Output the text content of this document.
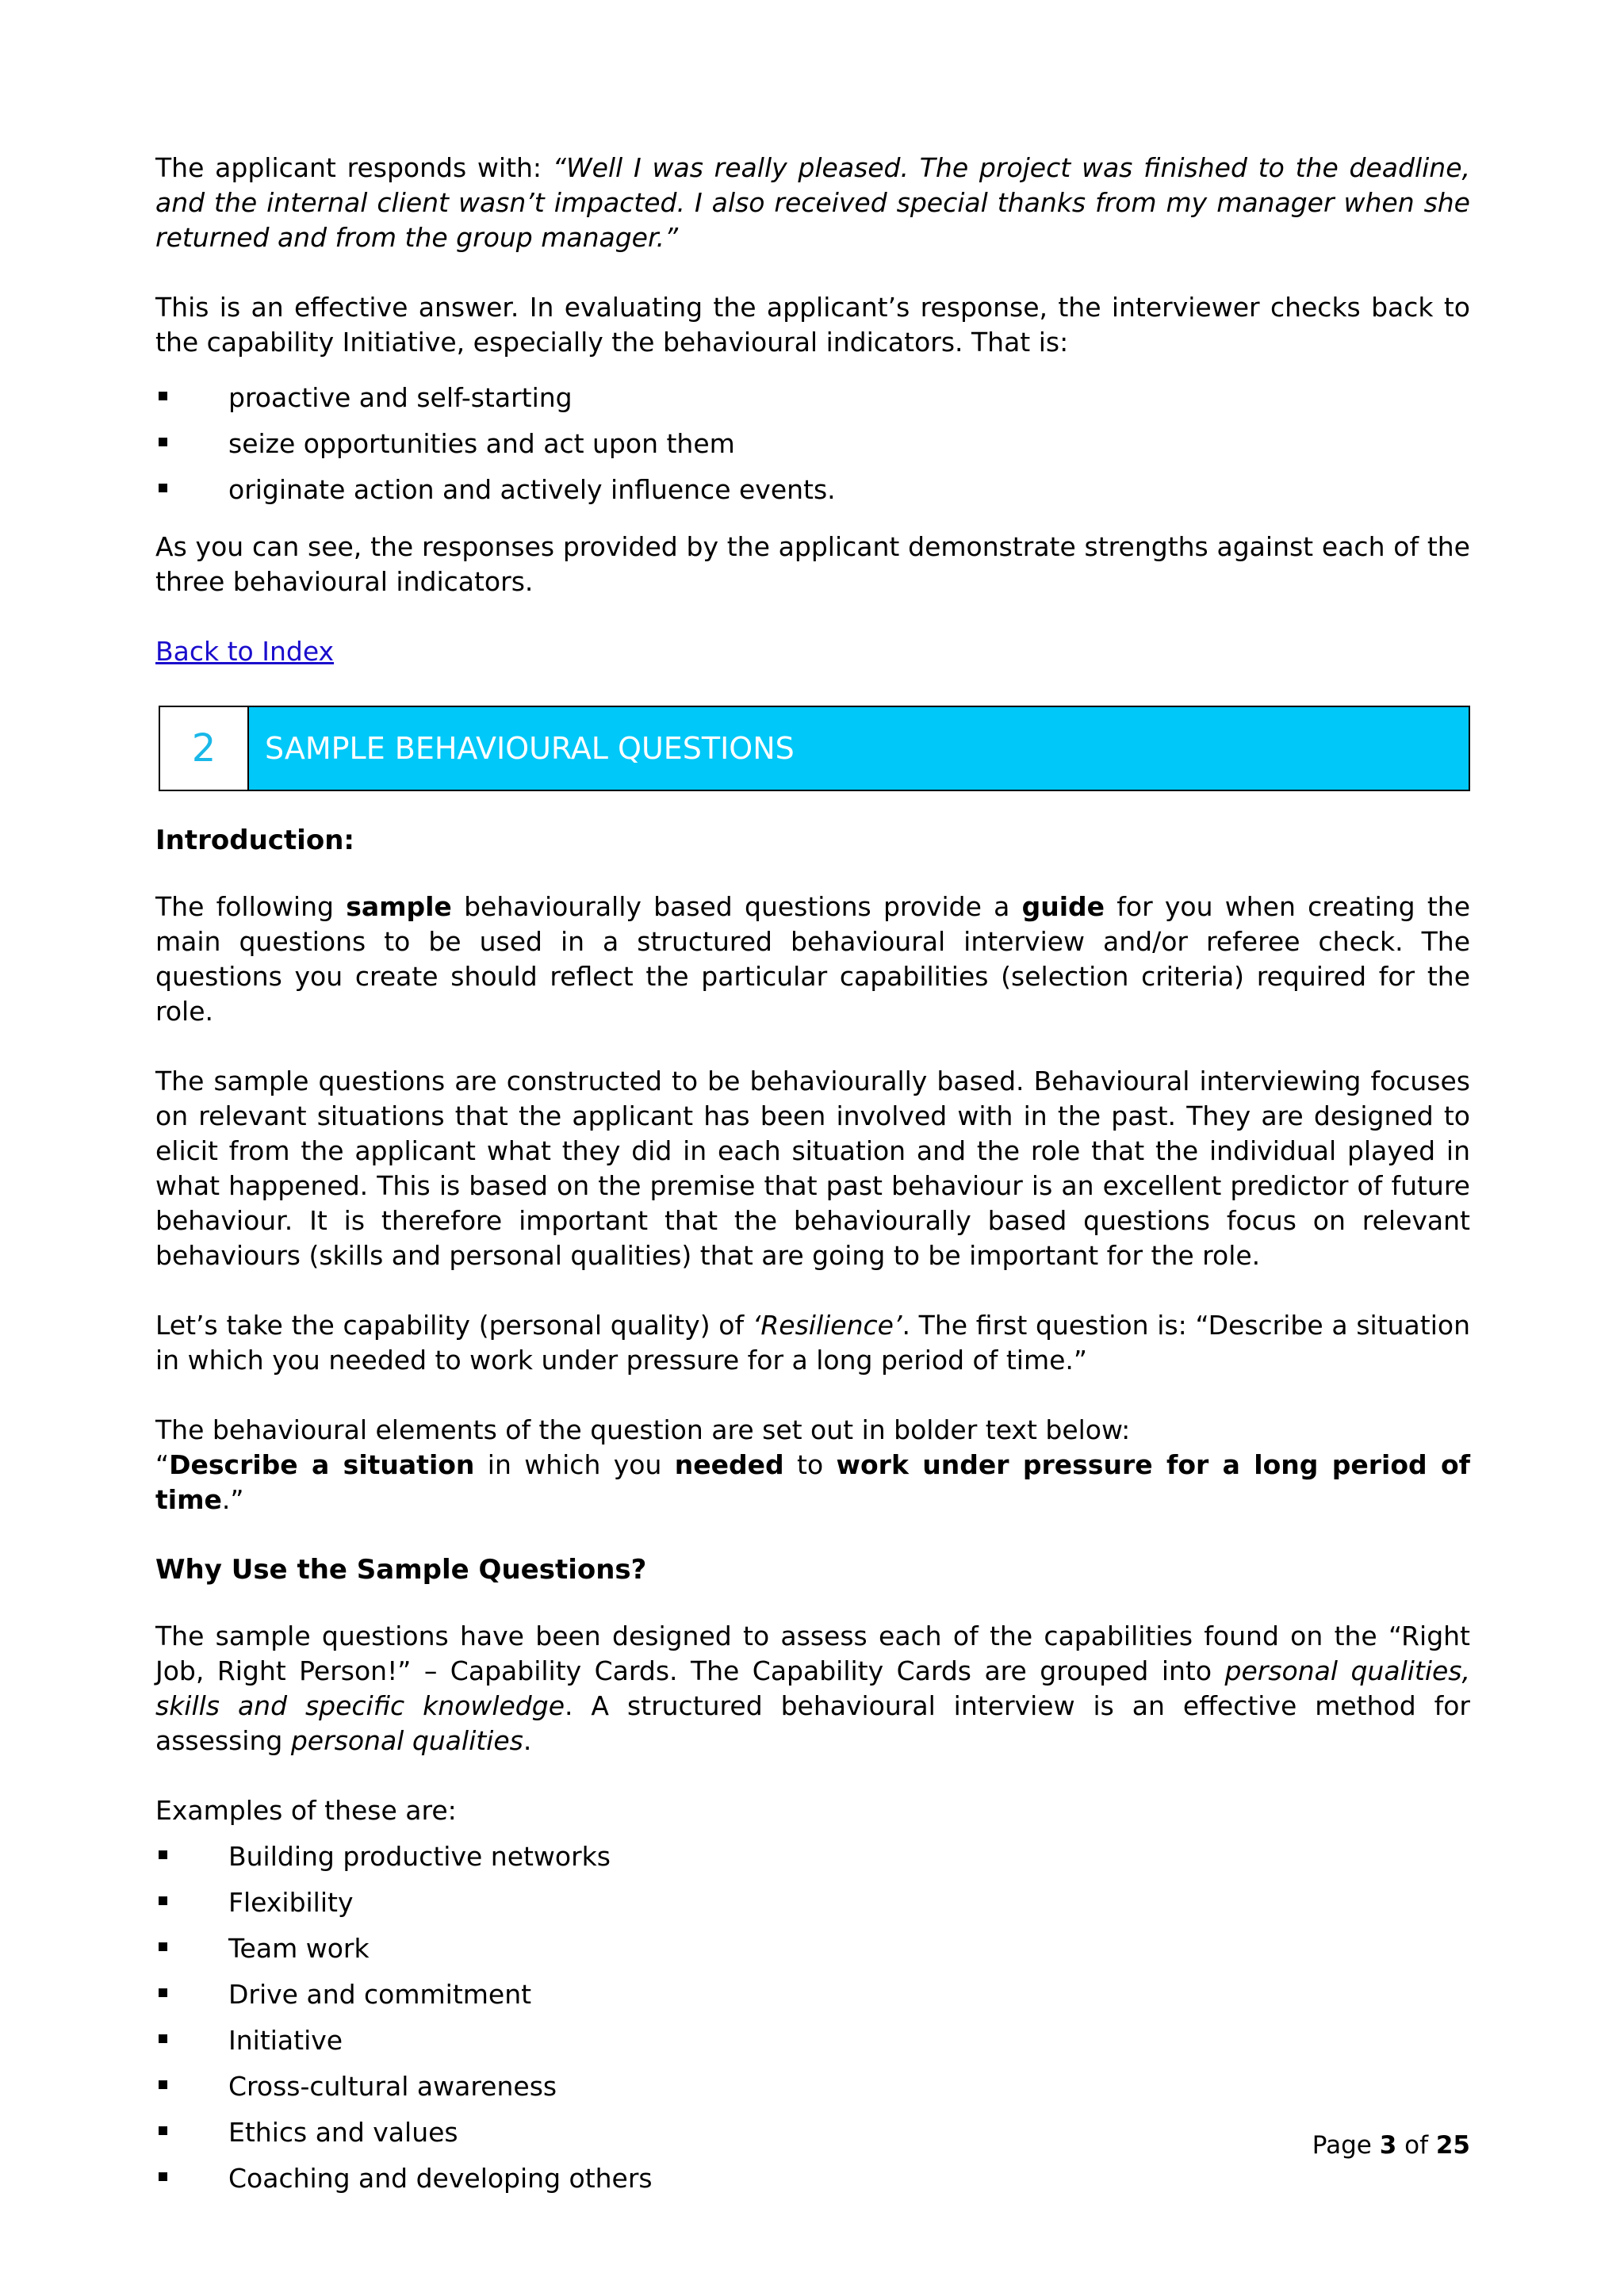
The applicant responds with: “Well I was really pleased. The project was finished to the deadline, and the internal client wasn’t impacted. I also received special thanks from my manager when she returned and from the group manager.”

This is an effective answer. In evaluating the applicant’s response, the interviewer checks back to the capability Initiative, especially the behavioural indicators. That is:

proactive and self-starting
seize opportunities and act upon them
originate action and actively influence events.

As you can see, the responses provided by the applicant demonstrate strengths against each of the three behavioural indicators.

Back to Index

2	SAMPLE BEHAVIOURAL QUESTIONS
Introduction:

The following sample behaviourally based questions provide a guide for you when creating the main questions to be used in a structured behavioural interview and/or referee check. The questions you create should reflect the particular capabilities (selection criteria) required for the role.

The sample questions are constructed to be behaviourally based. Behavioural interviewing focuses on relevant situations that the applicant has been involved with in the past. They are designed to elicit from the applicant what they did in each situation and the role that the individual played in what happened. This is based on the premise that past behaviour is an excellent predictor of future behaviour. It is therefore important that the behaviourally based questions focus on relevant behaviours (skills and personal qualities) that are going to be important for the role.

Let’s take the capability (personal quality) of ‘Resilience’. The first question is: “Describe a situation in which you needed to work under pressure for a long period of time.”

The behavioural elements of the question are set out in bolder text below:
“Describe a situation in which you needed to work under pressure for a long period of time.”

Why Use the Sample Questions?

The sample questions have been designed to assess each of the capabilities found on the “Right Job, Right Person!” – Capability Cards. The Capability Cards are grouped into personal qualities, skills and specific knowledge. A structured behavioural interview is an effective method for assessing personal qualities.

Examples of these are:

Building productive networks
Flexibility
Team work
Drive and commitment
Initiative
Cross-cultural awareness
Ethics and values
Coaching and developing others
Page 3 of 25
